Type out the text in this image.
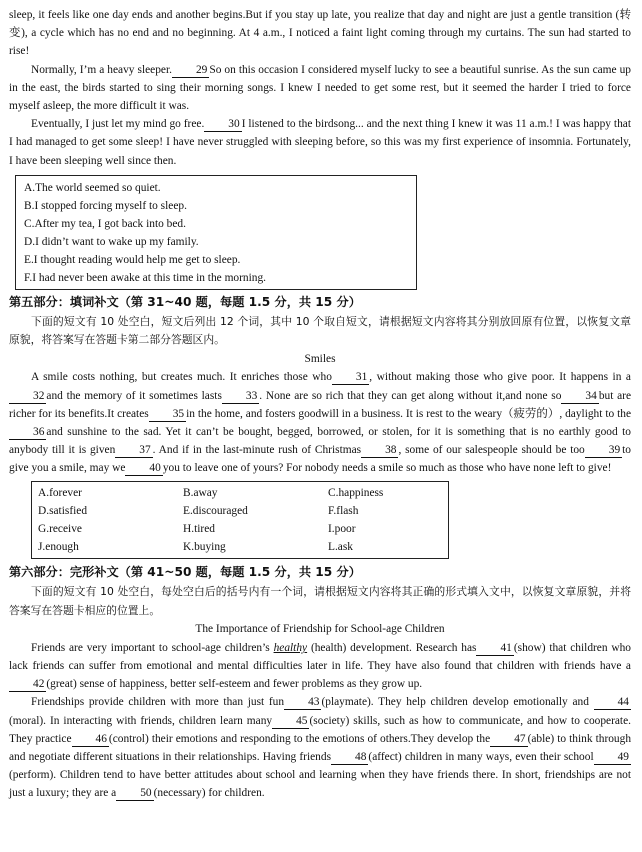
sleep, it feels like one day ends and another begins.But if you stay up late, you realize that day and night are just a gentle transition (转变), a cycle which has no end and no beginning. At 4 a.m., I noticed a faint light coming through my curtains. The sun had started to rise!

Normally, I’m a heavy sleeper. 29 So on this occasion I considered myself lucky to see a beautiful sunrise. As the sun came up in the east, the birds started to sing their morning songs. I knew I needed to get some rest, but it seemed the harder I tried to force myself asleep, the more difficult it was.

Eventually, I just let my mind go free. 30 I listened to the birdsong... and the next thing I knew it was 11 a.m.! I was happy that I had managed to get some sleep! I have never struggled with sleeping before, so this was my first experience of insomnia. Fortunately, I have been sleeping well since then.

A.The world seemed so quiet.
B.I stopped forcing myself to sleep.
C.After my tea, I got back into bed.
D.I didn’t want to wake up my family.
E.I thought reading would help me get to sleep.
F.I had never been awake at this time in the morning.
第五部分：填词补文（第 31~40 题，每题 1.5 分，共 15 分）

下面的短文有 10 处空白，短文后列出 12 个词，其中 10 个取自短文，请根据短文内容将其分别放回原有位置，以恢复文章原貌，将答案写在答题卡第二部分答题区内。

Smiles

A smile costs nothing, but creates much. It enriches those who 31 , without making those who give poor. It happens in a32 and the memory of it sometimes lasts 33 . None are so rich that they can get along without it,and none so 34 but are richer for its benefits.It creates 35 in the home, and fosters goodwill in a business. It is rest to the weary（疲劳的）, daylight to the36 and sunshine to the sad. Yet it can’t be bought, begged, borrowed, or stolen, for it is something that is no earthly good to anybody till it is given 37 . And if in the last-minute rush of Christmas 38 , some of our salespeople should be too 39 to give you a smile, may we 40 you to leave one of yours? For nobody needs a smile so much as those who have none left to give!

A.forever	B.away	C.happiness
D.satisfied	E.discouraged	F.flash
G.receive	H.tired	I.poor
J.enough	K.buying	L.ask
第六部分：完形补文（第 41~50 题，每题 1.5 分，共 15 分）

下面的短文有 10 处空白，每处空白后的括号内有一个词，请根据短文内容将其正确的形式填入文中，以恢复文章原貌，并将答案写在答题卡相应的位置上。

The Importance of Friendship for School-age Children

Friends are very important to school-age children’s healthy (health) development. Research has 41 (show) that children who lack friends can suffer from emotional and mental difficulties later in life. They have also found that children with friends have a42 (great) sense of happiness, better self-esteem and fewer problems as they grow up.

Friendships provide children with more than just fun 43 (playmate). They help children develop emotionally and	44(moral). In interacting with friends, children learn many 45 (society) skills, such as how to communicate, and how to cooperate. They practice 46 (control) their emotions and responding to the emotions of others.They develop the 47 (able) to think through and negotiate different situations in their relationships. Having friends 48 (affect) children in many ways, even their school 49(perform). Children tend to have better attitudes about school and learning when they have friends there. In short, friendships are not just a luxury; they are a 50 (necessary) for children.
